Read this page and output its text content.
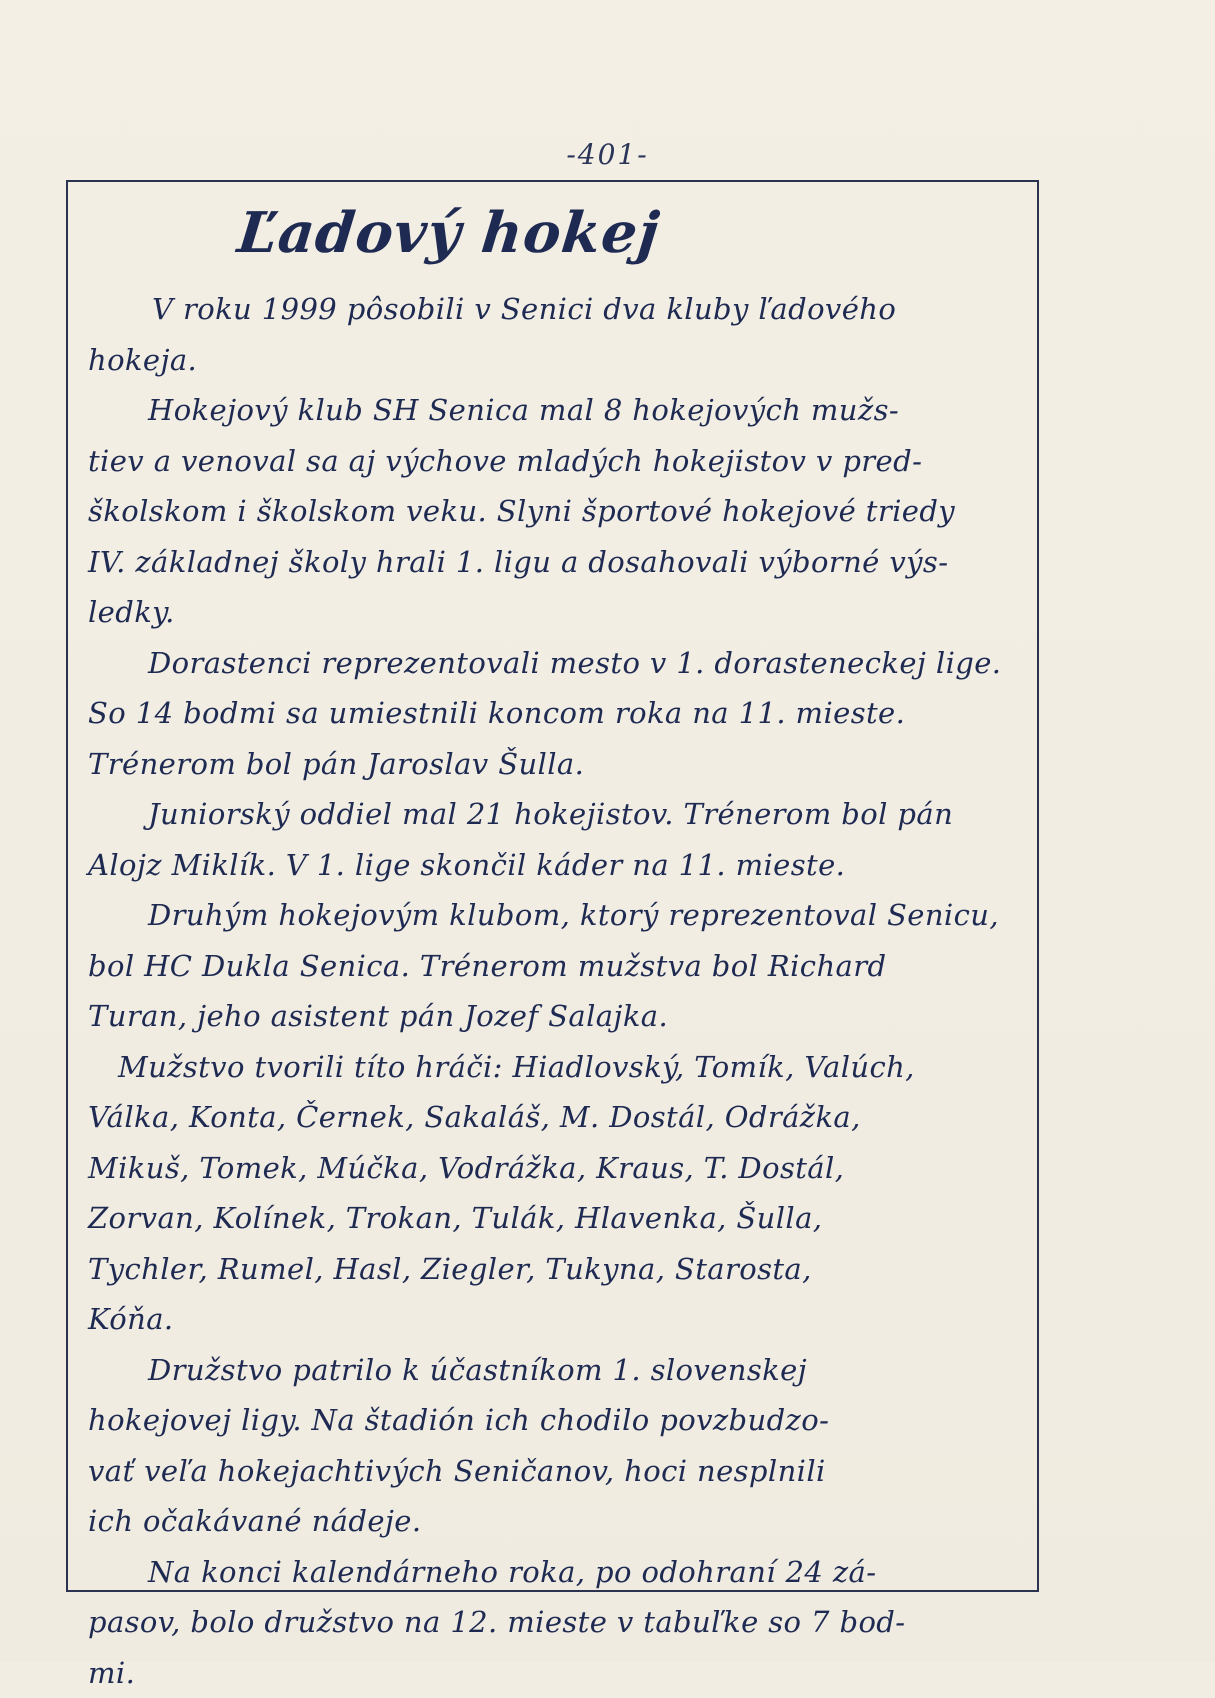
-401-
Ľadový hokej
V roku 1999 pôsobili v Senici dva kluby ľadového
hokeja.
Hokejový klub SH Senica mal 8 hokejových mužs-
tiev a venoval sa aj výchove mladých hokejistov v pred-
školskom i školskom veku. Slyni športové hokejové triedy
IV. základnej školy hrali 1. ligu a dosahovali výborné výs-
ledky.
Dorastenci reprezentovali mesto v 1. dorasteneckej lige.
So 14 bodmi sa umiestnili koncom roka na 11. mieste.
Trénerom bol pán Jaroslav Šulla.
Juniorský oddiel mal 21 hokejistov. Trénerom bol pán
Alojz Miklík. V 1. lige skončil káder na 11. mieste.
Druhým hokejovým klubom, ktorý reprezentoval Senicu,
bol HC Dukla Senica. Trénerom mužstva bol Richard
Turan, jeho asistent pán Jozef Salajka.
Mužstvo tvorili títo hráči: Hiadlovský, Tomík, Valúch,
Válka, Konta, Černek, Sakaláš, M. Dostál, Odrážka,
Mikuš, Tomek, Múčka, Vodrážka, Kraus, T. Dostál,
Zorvan, Kolínek, Trokan, Tulák, Hlavenka, Šulla,
Tychler, Rumel, Hasl, Ziegler, Tukyna, Starosta,
Kóňa.
Družstvo patrilo k účastníkom 1. slovenskej
hokejovej ligy. Na štadión ich chodilo povzbudzo-
vať veľa hokejachtivých Seničanov, hoci nesplnili
ich očakávané nádeje.
Na konci kalendárneho roka, po odohraní 24 zá-
pasov, bolo družstvo na 12. mieste v tabuľke so 7 bod-
mi.
